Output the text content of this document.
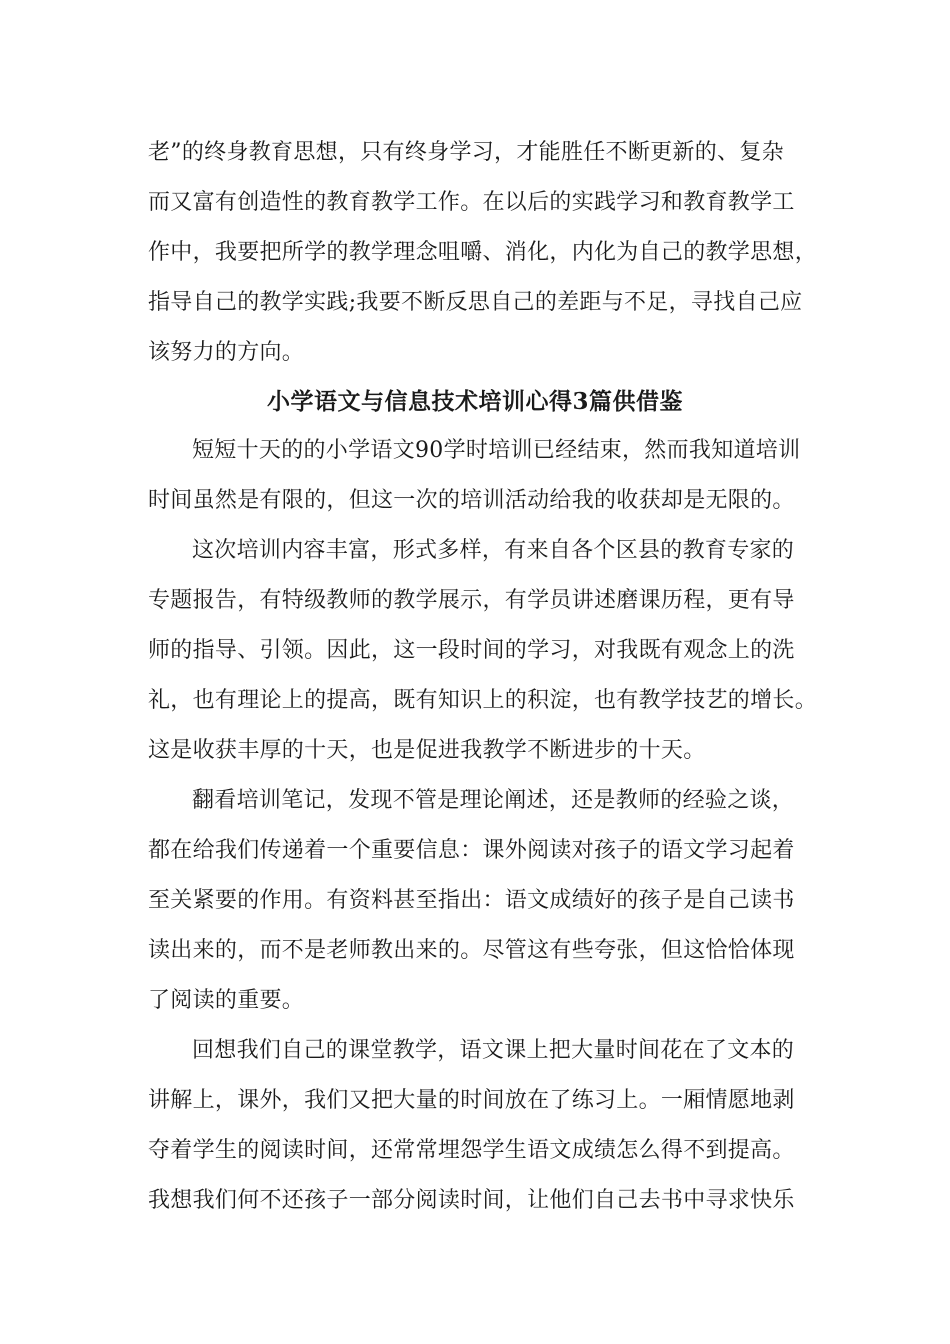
老”的终身教育思想，只有终身学习，才能胜任不断更新的、复杂
而又富有创造性的教育教学工作。在以后的实践学习和教育教学工
作中，我要把所学的教学理念咀嚼、消化，内化为自己的教学思想，
指导自己的教学实践;我要不断反思自己的差距与不足，寻找自己应
该努力的方向。
小学语文与信息技术培训心得3篇供借鉴
短短十天的的小学语文90学时培训已经结束，然而我知道培训
时间虽然是有限的，但这一次的培训活动给我的收获却是无限的。
这次培训内容丰富，形式多样，有来自各个区县的教育专家的
专题报告，有特级教师的教学展示，有学员讲述磨课历程，更有导
师的指导、引领。因此，这一段时间的学习，对我既有观念上的洗
礼，也有理论上的提高，既有知识上的积淀，也有教学技艺的增长。
这是收获丰厚的十天，也是促进我教学不断进步的十天。
翻看培训笔记，发现不管是理论阐述，还是教师的经验之谈，
都在给我们传递着一个重要信息：课外阅读对孩子的语文学习起着
至关紧要的作用。有资料甚至指出：语文成绩好的孩子是自己读书
读出来的，而不是老师教出来的。尽管这有些夸张，但这恰恰体现
了阅读的重要。
回想我们自己的课堂教学，语文课上把大量时间花在了文本的
讲解上，课外，我们又把大量的时间放在了练习上。一厢情愿地剥
夺着学生的阅读时间，还常常埋怨学生语文成绩怎么得不到提高。
我想我们何不还孩子一部分阅读时间，让他们自己去书中寻求快乐
